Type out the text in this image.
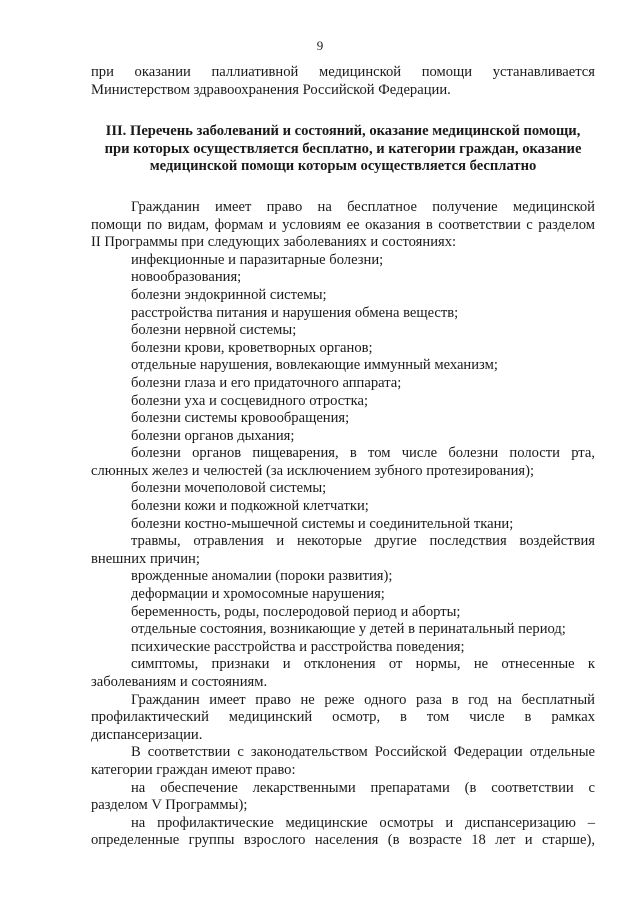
9
при оказании паллиативной медицинской помощи устанавливается
Министерством здравоохранения Российской Федерации.
III. Перечень заболеваний и состояний, оказание медицинской помощи,
при которых осуществляется бесплатно, и категории граждан, оказание
медицинской помощи которым осуществляется бесплатно
Гражданин имеет право на бесплатное получение медицинской
помощи по видам, формам и условиям ее оказания в соответствии с разделом
II Программы при следующих заболеваниях и состояниях:
инфекционные и паразитарные болезни;
новообразования;
болезни эндокринной системы;
расстройства питания и нарушения обмена веществ;
болезни нервной системы;
болезни крови, кроветворных органов;
отдельные нарушения, вовлекающие иммунный механизм;
болезни глаза и его придаточного аппарата;
болезни уха и сосцевидного отростка;
болезни системы кровообращения;
болезни органов дыхания;
болезни органов пищеварения, в том числе болезни полости рта,
слюнных желез и челюстей (за исключением зубного протезирования);
болезни мочеполовой системы;
болезни кожи и подкожной клетчатки;
болезни костно-мышечной системы и соединительной ткани;
травмы, отравления и некоторые другие последствия воздействия
внешних причин;
врожденные аномалии (пороки развития);
деформации и хромосомные нарушения;
беременность, роды, послеродовой период и аборты;
отдельные состояния, возникающие у детей в перинатальный период;
психические расстройства и расстройства поведения;
симптомы, признаки и отклонения от нормы, не отнесенные к
заболеваниям и состояниям.
Гражданин имеет право не реже одного раза в год на бесплатный
профилактический медицинский осмотр, в том числе в рамках
диспансеризации.
В соответствии с законодательством Российской Федерации отдельные
категории граждан имеют право:
на обеспечение лекарственными препаратами (в соответствии с
разделом V Программы);
на профилактические медицинские осмотры и диспансеризацию –
определенные группы взрослого населения (в возрасте 18 лет и старше),
